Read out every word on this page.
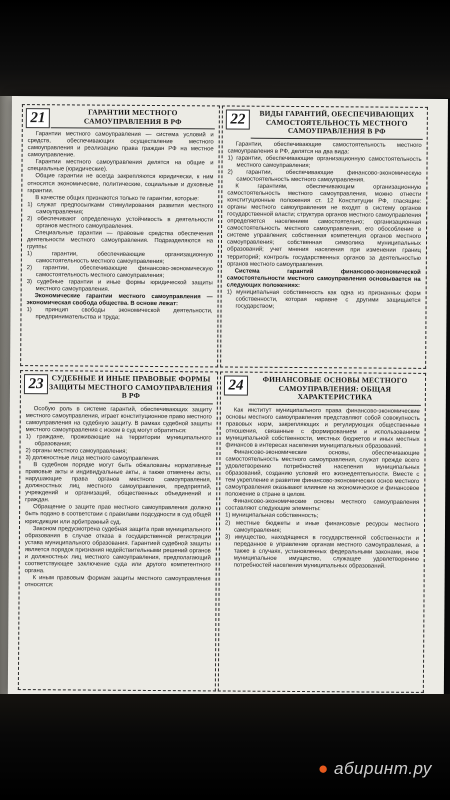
21	ГАРАНТИИ МЕСТНОГО САМОУПРАВЛЕНИЯ В РФ

Гарантии местного самоуправления — система условий и средств, обеспечивающих осуществление местного самоуправления и реализацию права граждан РФ на местное самоуправление.

Гарантии местного самоуправления делятся на общие и специальные (юридические).

Общие гарантии не всегда закрепляются юридически, к ним относятся экономические, политические, социальные и духовные гарантии.

В качестве общих признаются только те гарантии, которые:

1) служат предпосылками стимулирования развития местного самоуправления;

2) обеспечивают определенную устойчивость в деятельности органов местного самоуправления.

Специальные гарантии — правовые средства обеспечения деятельности местного самоуправления. Подразделяются на группы:

1) гарантии, обеспечивающие организационную самостоятельность местного самоуправления;

2) гарантии, обеспечивающие финансово-экономическую самостоятельность местного самоуправления;

3) судебные гарантии и иные формы юридической защиты местного самоуправления.

Экономические гарантии местного самоуправления — экономическая свобода общества. В основе лежат:

1) принцип свободы экономической деятельности, предпринимательства и труда;

22	ВИДЫ ГАРАНТИЙ, ОБЕСПЕЧИВАЮЩИХ САМОСТОЯТЕЛЬНОСТЬ МЕСТНОГО САМОУПРАВЛЕНИЯ В РФ

Гарантии, обеспечивающие самостоятельность местного самоуправления в РФ, делятся на два вида:

1) гарантии, обеспечивающие организационную самостоятельность местного самоуправления;

2) гарантии, обеспечивающие финансово-экономическую самостоятельность местного самоуправления.

К гарантиям, обеспечивающим организационную самостоятельность местного самоуправления, можно отнести конституционные положения ст. 12 Конституции РФ, гласящие: органы местного самоуправления не входят в систему органов государственной власти; структура органов местного самоуправления определяется населением самостоятельно; организационная самостоятельность местного самоуправления, его обособление в системе управления; собственная компетенция органов местного самоуправления; собственная символика муниципальных образований; учет мнения населения при изменении границ территорий; контроль государственных органов за деятельностью органов местного самоуправления.

Система гарантий финансово-экономической самостоятельности местного самоуправления основывается на следующих положениях:

1) муниципальная собственность как одна из признанных форм собственности, которая наравне с другими защищается государством;

23	СУДЕБНЫЕ И ИНЫЕ ПРАВОВЫЕ ФОРМЫ ЗАЩИТЫ МЕСТНОГО САМОУПРАВЛЕНИЯ В РФ

Особую роль в системе гарантий, обеспечивающих защиту местного самоуправления, играет конституционное право местного самоуправления на судебную защиту. В рамках судебной защиты местного самоуправления с иском в суд могут обратиться:

1) граждане, проживающие на территории муниципального образования;

2) органы местного самоуправления;

3) должностные лица местного самоуправления.

В судебном порядке могут быть обжалованы нормативные правовые акты и индивидуальные акты, а также отменены акты, нарушающие права органов местного самоуправления, должностных лиц местного самоуправления, предприятий, учреждений и организаций, общественных объединений и граждан.

Обращение о защите прав местного самоуправления должно быть подано в соответствии с правилами подсудности в суд общей юрисдикции или арбитражный суд.

Законом предусмотрена судебная защита прав муниципального образования в случае отказа в государственной регистрации устава муниципального образования. Гарантией судебной защиты является порядок признания недействительными решений органов и должностных лиц местного самоуправления, предполагающий соответствующее заключение суда или другого компетентного органа.

К иным правовым формам защиты местного самоуправления относятся:

24	ФИНАНСОВЫЕ ОСНОВЫ МЕСТНОГО САМОУПРАВЛЕНИЯ: ОБЩАЯ ХАРАКТЕРИСТИКА

Как институт муниципального права финансово-экономические основы местного самоуправления представляют собой совокупность правовых норм, закрепляющих и регулирующих общественные отношения, связанные с формированием и использованием муниципальной собственности, местных бюджетов и иных местных финансов в интересах населения муниципальных образований.

Финансово-экономические основы, обеспечивающие самостоятельность местного самоуправления, служат прежде всего удовлетворению потребностей населения муниципальных образований, созданию условий его жизнедеятельности. Вместе с тем укрепление и развитие финансово-экономических основ местного самоуправления оказывают влияние на экономическое и финансовое положение в стране в целом.

Финансово-экономические основы местного самоуправления составляют следующие элементы:

1) муниципальная собственность;

2) местные бюджеты и иные финансовые ресурсы местного самоуправления;

3) имущество, находящееся в государственной собственности и переданное в управление органам местного самоуправления, а также в случаях, установленных федеральными законами, иное муниципальное имущество, служащее удовлетворению потребностей населения муниципальных образований.

● абиринт.ру
